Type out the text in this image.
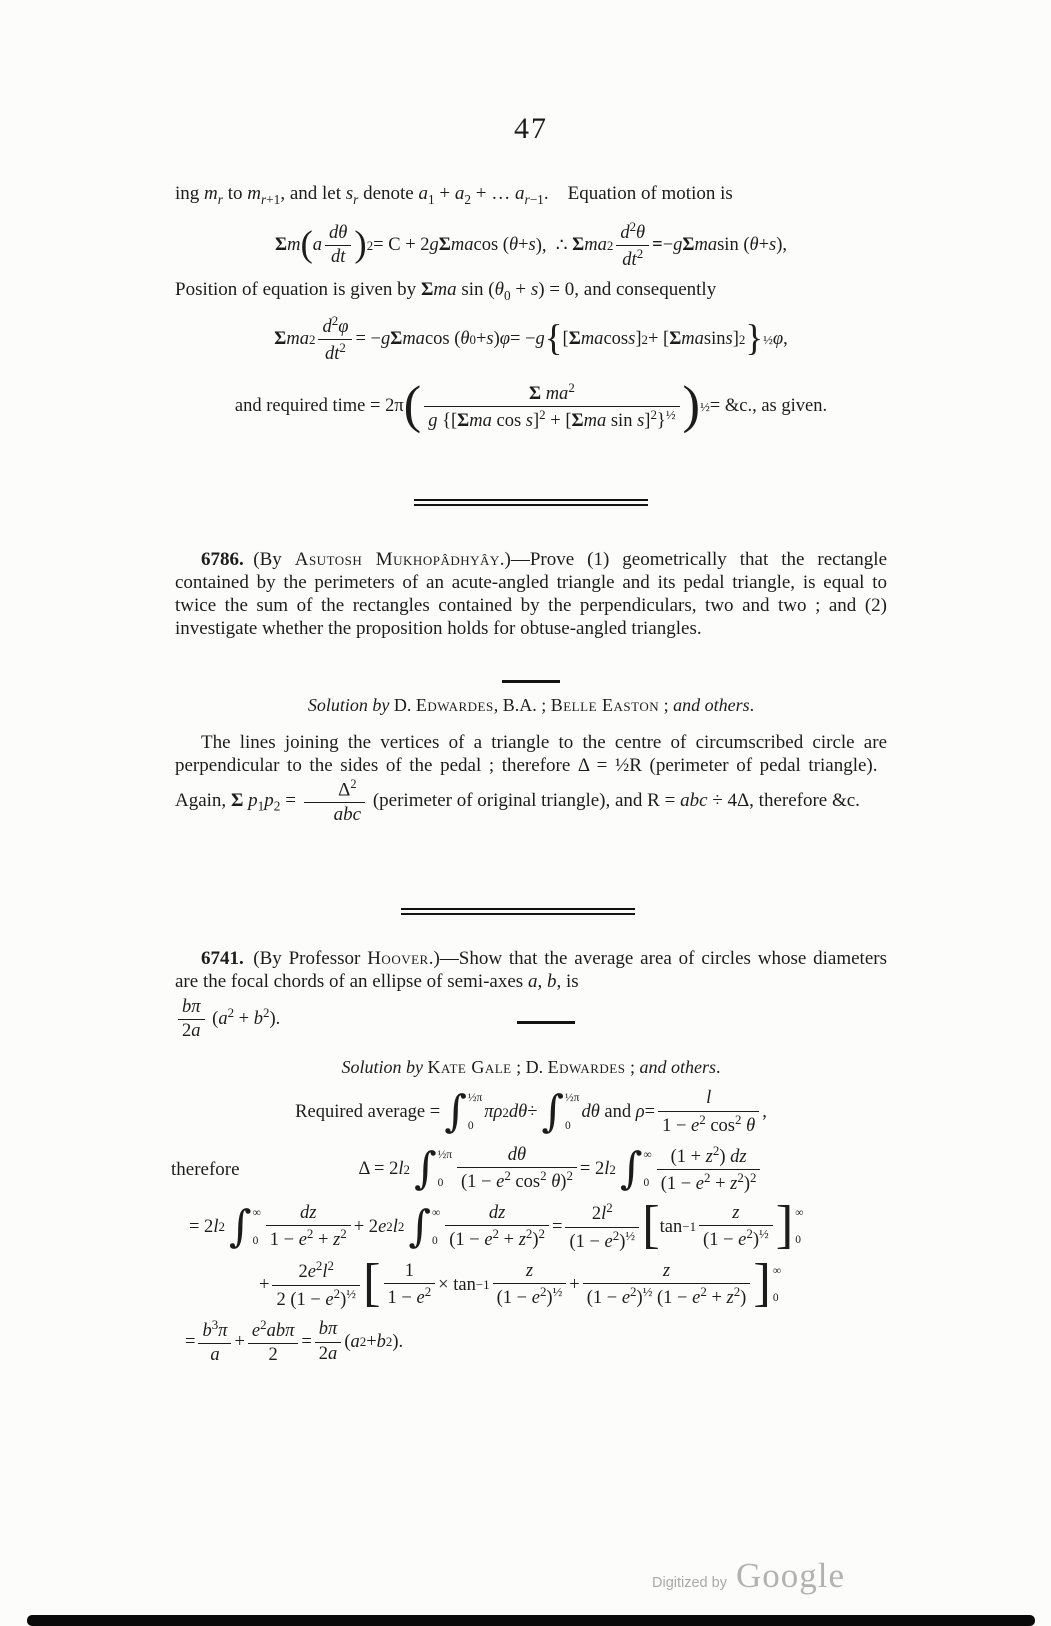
47

ing $m_r$ to $m_{r+1}$, and let $s_r$ denote $a_1 + a_2$ + … $a_{r-1}$. Equation of motion is

Σ m ( a
dθ
dt ) 2 = C + 2 g Σ ma cos ( θ + s ),  ∴ Σ ma $2 \frac{d^2\theta}{dt^2}$ = − g Σ ma sin ( θ + s ),

Position of equation is given by Σma $\sin (\theta_0 + s) = 0$, and consequently

Σ ma 2
$d^2\varphi$
$dt^2$ = − g Σ ma cos ( θ 0 + s ) φ = − g { [ Σ ma cos s ] 2 + [ Σ ma sin s ] 2 } ½ φ ,
and required time = 2π (	Σ $ma^2$
g {[Σma cos s]$^2$ + [Σma sin s]$^2$}$^{\frac{1}{2}}$ ) ½ = &c., as given.

6786. (By Asutosh Mukhopâdhyây.)—Prove (1) geometrically that the rectangle contained by the perimeters of an acute-angled triangle and its pedal triangle, is equal to twice the sum of the rectangles contained by the perpendiculars, two and two ; and (2) investigate whether the proposition holds for obtuse-angled triangles.

Solution by D. Edwardes, B.A. ; Belle Easton ; and others.

The lines joining the vertices of a triangle to the centre of circumscribed circle are perpendicular to the sides of the pedal ; therefore Δ = ½R (perimeter of pedal triangle). Again, Σ $p_1p_2$ =
$\Delta^2$
abc
(perimeter of original triangle), and R = abc ÷ 4Δ, therefore &c.

6741. (By Professor Hoover.)—Show that the average area of circles whose diameters are the focal chords of an ellipse of semi-axes a, b, is

$\frac{b\pi}{2a} (a^2 + b^2)$.

Solution by Kate Gale ; D. Edwardes ; and others.

Required average = ∫ ½π
0
πρ 2 dθ ÷ ∫ ½π
0
dθ and ρ =
l
$1 - e^2$ $\cos^2 \theta$
,
therefore	Δ = 2 l 2 ∫ ½π
0
dθ
($1 - e^2$ $\cos^2 \theta)^2 = 2$ l 2 ∫ ∞
0
$(1 + z^2)$ dz
$(1 - e^2 + z^2)^2$
= 2 l 2 ∫ ∞
0
dz
$1 - e^2 + z^2 + 2$ e 2 l 2 ∫ ∞
0
dz
$(1 - e^2 + z^2)^2$ =
$2l^2$
$(1 - e^2)^{\frac{1}{2}}$ [ tan −1
z
$(1 - e^2)^{\frac{1}{2}}$ ] ∞
0
+
$2e^2l^2$
2 $(1 - e^2)^{\frac{1}{2}}$ [	1
$1 - e^2 \times \tan -1$
z
$(1 - e^2)^{\frac{1}{2}}$ +
z
$(1 - e^2)^{\frac{1}{2}}$ $(1 - e^2 + z^2)$ ] ∞
0
=
$b^3\pi$
a
+
$e^2ab\pi$
2
=
bπ
2a
( a 2 + b 2 ).
Digitized by Google
